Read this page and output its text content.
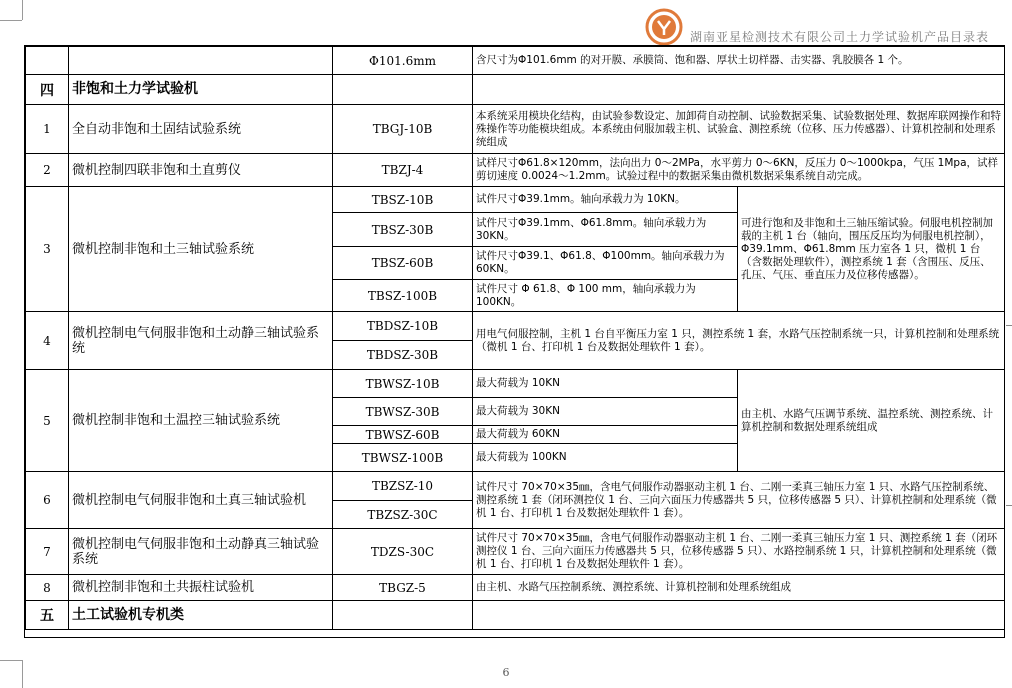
湖南亚星检测技术有限公司土力学试验机产品目录表
		Φ101.6mm	含尺寸为Φ101.6mm 的对开膜、承膜筒、饱和器、厚状土切样器、击实器、乳胶膜各 1 个。	
四	非饱和土力学试验机			
1	全自动非饱和土固结试验系统	TBGJ-10B	本系统采用模块化结构，由试验参数设定、加卸荷自动控制、试验数据采集、试验数据处理、数据库联网操作和特殊操作等功能模块组成。本系统由伺服加载主机、试验盒、测控系统（位移、压力传感器）、计算机控制和处理系统组成	
2	微机控制四联非饱和土直剪仪	TBZJ-4	试样尺寸Φ61.8×120mm，法向出力 0～2MPa，水平剪力 0～6KN，反压力 0～1000kpa，气压 1Mpa，试样剪切速度 0.0024～1.2mm。试验过程中的数据采集由微机数据采集系统自动完成。	
3	微机控制非饱和土三轴试验系统	TBSZ-10B	试件尺寸Φ39.1mm。轴向承载力为 10KN。	可进行饱和及非饱和土三轴压缩试验。伺服电机控制加载的主机 1 台（轴向，围压反压均为伺服电机控制），Φ39.1mm、Φ61.8mm 压力室各 1 只，微机 1 台（含数据处理软件），测控系统 1 套（含围压、反压、孔压、气压、垂直压力及位移传感器）。
		TBSZ-30B	试件尺寸Φ39.1mm、Φ61.8mm。轴向承载力为 30KN。	
		TBSZ-60B	试件尺寸Φ39.1、Φ61.8、Φ100mm。轴向承载力为 60KN。	
		TBSZ-100B	试件尺寸 Φ 61.8、Φ 100 mm，轴向承载力为 100KN。	
4	微机控制电气伺服非饱和土动静三轴试验系统	TBDSZ-10B	用电气伺服控制，主机 1 台自平衡压力室 1 只，测控系统 1 套，水路气压控制系统一只，计算机控制和处理系统（微机 1 台、打印机 1 台及数据处理软件 1 套）。	
		TBDSZ-30B		
5	微机控制非饱和土温控三轴试验系统	TBWSZ-10B	最大荷载为 10KN	由主机、水路气压调节系统、温控系统、测控系统、计算机控制和数据处理系统组成
		TBWSZ-30B	最大荷载为 30KN	
		TBWSZ-60B	最大荷载为 60KN	
		TBWSZ-100B	最大荷载为 100KN	
6	微机控制电气伺服非饱和土真三轴试验机	TBZSZ-10	试件尺寸 70×70×35㎜，含电气伺服作动器驱动主机 1 台、二刚一柔真三轴压力室 1 只、水路气压控制系统、测控系统 1 套（闭环测控仪 1 台、三向六面压力传感器共 5 只，位移传感器 5 只）、计算机控制和处理系统（微机 1 台、打印机 1 台及数据处理软件 1 套）。	
		TBZSZ-30C		
7	微机控制电气伺服非饱和土动静真三轴试验系统	TDZS-30C	试件尺寸 70×70×35㎜，含电气伺服作动器驱动主机 1 台、二刚一柔真三轴压力室 1 只、测控系统 1 套（闭环测控仪 1 台、三向六面压力传感器共 5 只，位移传感器 5 只）、水路控制系统 1 只，计算机控制和处理系统（微机 1 台、打印机 1 台及数据处理软件 1 套）。	
8	微机控制非饱和土共振柱试验机	TBGZ-5	由主机、水路气压控制系统、测控系统、计算机控制和处理系统组成	
五	土工试验机专机类			
6
